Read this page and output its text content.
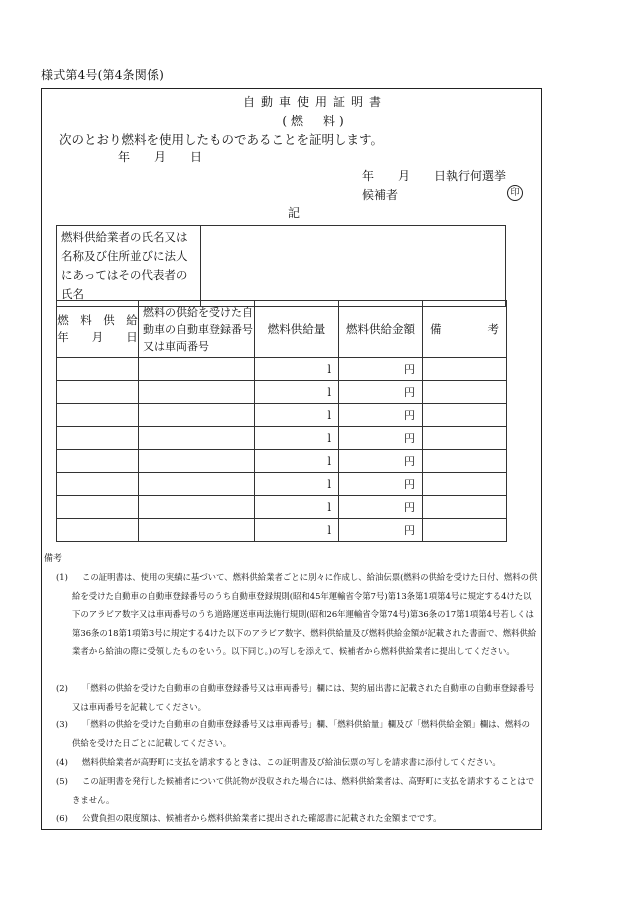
様式第4号(第4条関係)
自動車使用証明書
(燃　料)
次のとおり燃料を使用したものであることを証明します。
年　　月　　日
年　　月　　日執行何選挙
候補者	印
記
燃料供給業者の氏名又は名称及び住所並びに法人にあってはその代表者の氏名	
燃　料　供　給
年　　月　　日	燃料の供給を受けた自動車の自動車登録番号又は車両番号	燃料供給量	燃料供給金額	備　　　　考
		l	円	
		l	円	
		l	円	
		l	円	
		l	円	
		l	円	
		l	円	
		l	円	
備考
(1)	この証明書は、使用の実績に基づいて、燃料供給業者ごとに別々に作成し、給油伝票(燃料の供給を受けた日付、燃料の供給を受けた自動車の自動車登録番号のうち自動車登録規則(昭和45年運輸省令第7号)第13条第1項第4号に規定する4けた以下のアラビア数字又は車両番号のうち道路運送車両法施行規則(昭和26年運輸省令第74号)第36条の17第1項第4号若しくは第36条の18第1項第3号に規定する4けた以下のアラビア数字、燃料供給量及び燃料供給金額が記載された書面で、燃料供給業者から給油の際に受領したものをいう。以下同じ。)の写しを添えて、候補者から燃料供給業者に提出してください。
(2)	「燃料の供給を受けた自動車の自動車登録番号又は車両番号」欄には、契約届出書に記載された自動車の自動車登録番号又は車両番号を記載してください。
(3)	「燃料の供給を受けた自動車の自動車登録番号又は車両番号」欄、「燃料供給量」欄及び「燃料供給金額」欄は、燃料の供給を受けた日ごとに記載してください。
(4)	燃料供給業者が高野町に支払を請求するときは、この証明書及び給油伝票の写しを請求書に添付してください。
(5)	この証明書を発行した候補者について供託物が没収された場合には、燃料供給業者は、高野町に支払を請求することはできません。
(6)	公費負担の限度額は、候補者から燃料供給業者に提出された確認書に記載された金額までです。
